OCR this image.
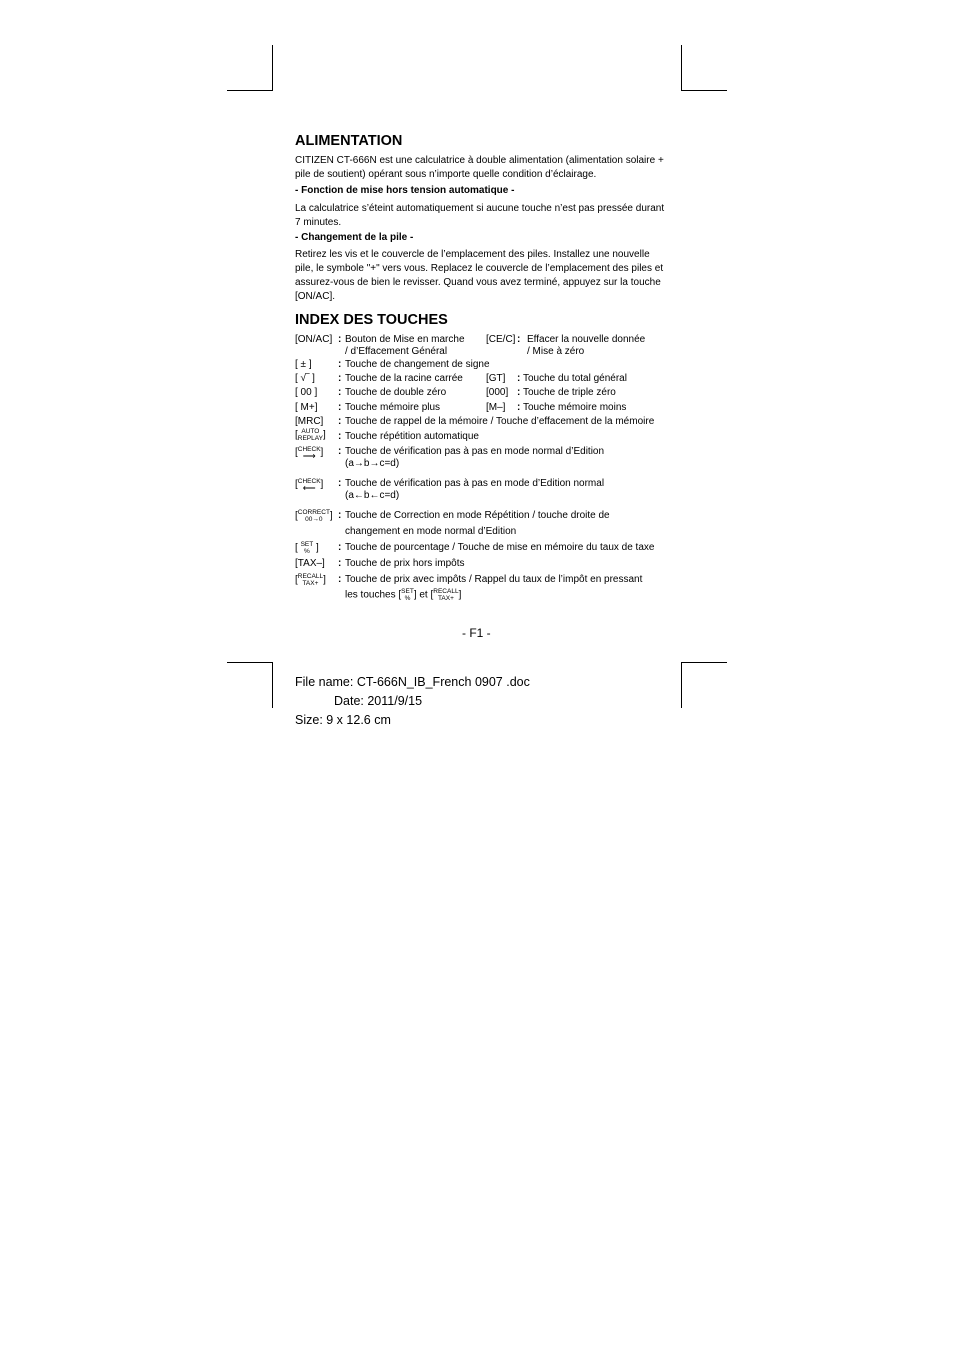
ALIMENTATION
CITIZEN CT-666N est une calculatrice à double alimentation (alimentation solaire + pile de soutient) opérant sous n’importe quelle condition d’éclairage.
- Fonction de mise hors tension automatique -
La calculatrice s’éteint automatiquement si aucune touche n’est pas pressée durant 7 minutes.
- Changement de la pile -
Retirez les vis et le couvercle de l’emplacement des piles. Installez une nouvelle pile, le symbole "+" vers vous. Replacez le couvercle de l’emplacement des piles et assurez-vous de bien le revisser. Quand vous avez terminé, appuyez sur la touche [ON/AC].
INDEX DES TOUCHES
[ON/AC] : Bouton de Mise en marche [CE/C] : Effacer la nouvelle donnée
/ d’Effacement Général	/ Mise à zéro
[ ± ]	: Touche de changement de signe
[ √‾ ] : Touche de la racine carrée [GT] : Touche du total général
[ 00 ] : Touche de double zéro	[000] : Touche de triple zéro
[ M+] : Touche mémoire plus	[M–] : Touche mémoire moins
[MRC] : Touche de rappel de la mémoire / Touche d’effacement de la mémoire
[ AUTO
REPLAY] : Touche répétition automatique
[CHECK
⟶ ] : Touche de vérification pas à pas en mode normal d’Edition
(a→b→c=d)
[CHECK
⟵ ] : Touche de vérification pas à pas en mode d’Edition normal
(a←b←c=d)
[CORRECT
00→0 ] : Touche de Correction en mode Répétition / touche droite de
changement en mode normal d’Edition
[ SET
% ] : Touche de pourcentage / Touche de mise en mémoire du taux de taxe
[TAX–] : Touche de prix hors impôts
[RECALL
TAX+ ] : Touche de prix avec impôts / Rappel du taux de l’impôt en pressant
les touches [SET
% ] et [RECALL
TAX+ ]
- F1 -
File name: CT-666N_IB_French 0907 .doc
Date: 2011/9/15
Size: 9 x 12.6 cm
